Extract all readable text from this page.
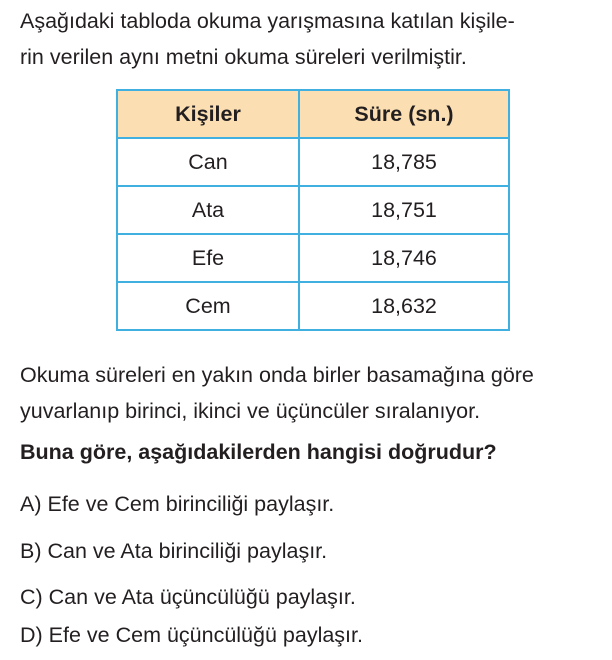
Aşağıdaki tabloda okuma yarışmasına katılan kişile-
rin verilen aynı metni okuma süreleri verilmiştir.
Kişiler	Süre (sn.)
Can	18,785
Ata	18,751
Efe	18,746
Cem	18,632
Okuma süreleri en yakın onda birler basamağına göre
yuvarlanıp birinci, ikinci ve üçüncüler sıralanıyor.
Buna göre, aşağıdakilerden hangisi doğrudur?
A) Efe ve Cem birinciliği paylaşır.
B) Can ve Ata birinciliği paylaşır.
C) Can ve Ata üçüncülüğü paylaşır.
D) Efe ve Cem üçüncülüğü paylaşır.
